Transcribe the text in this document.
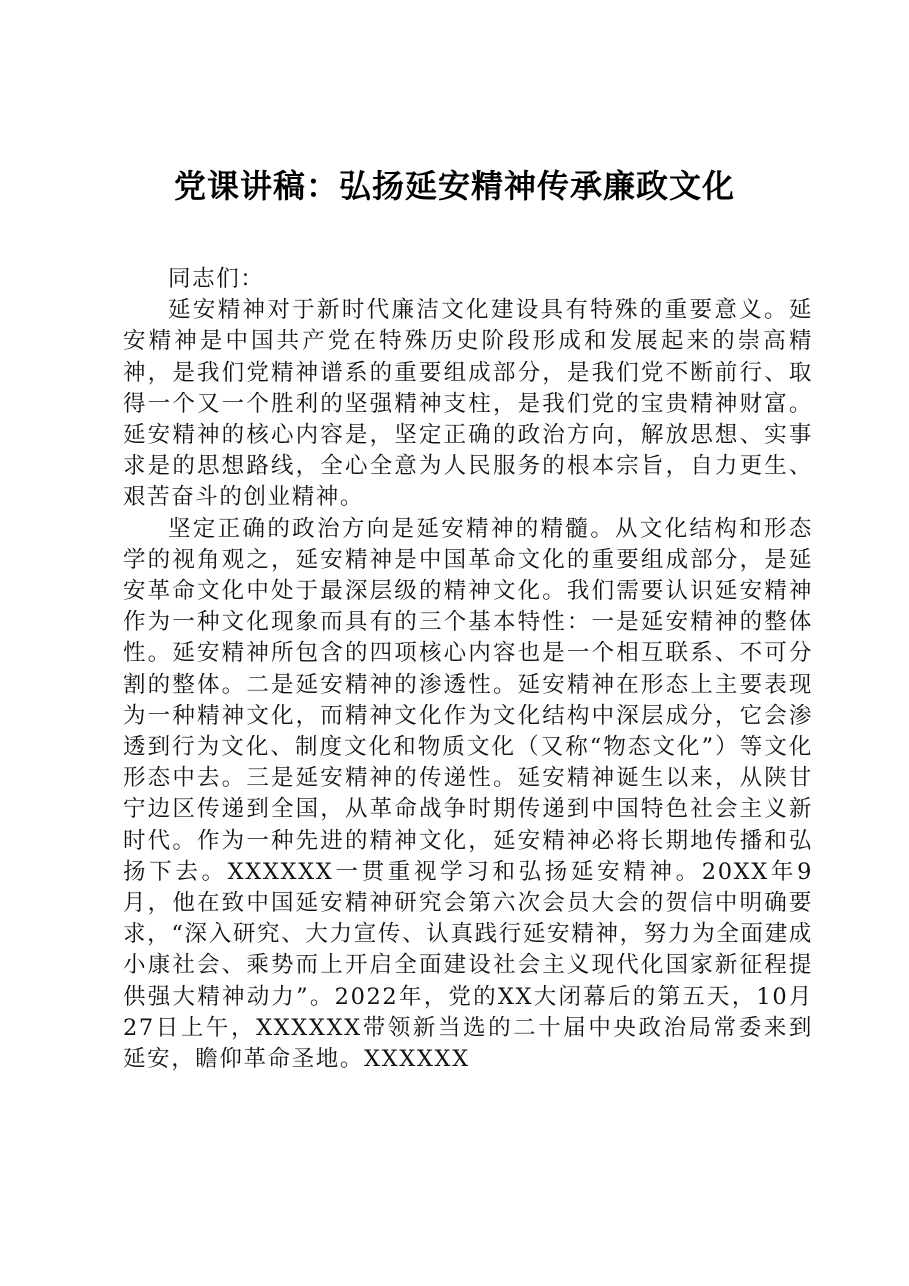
党课讲稿：弘扬延安精神传承廉政文化

同志们：

延安精神对于新时代廉洁文化建设具有特殊的重要意义。延安精神是中国共产党在特殊历史阶段形成和发展起来的崇高精神，是我们党精神谱系的重要组成部分，是我们党不断前行、取得一个又一个胜利的坚强精神支柱，是我们党的宝贵精神财富。延安精神的核心内容是，坚定正确的政治方向，解放思想、实事求是的思想路线，全心全意为人民服务的根本宗旨，自力更生、艰苦奋斗的创业精神。

坚定正确的政治方向是延安精神的精髓。从文化结构和形态学的视角观之，延安精神是中国革命文化的重要组成部分，是延安革命文化中处于最深层级的精神文化。我们需要认识延安精神作为一种文化现象而具有的三个基本特性：一是延安精神的整体性。延安精神所包含的四项核心内容也是一个相互联系、不可分割的整体。二是延安精神的渗透性。延安精神在形态上主要表现为一种精神文化，而精神文化作为文化结构中深层成分，它会渗透到行为文化、制度文化和物质文化（又称“物态文化”）等文化形态中去。三是延安精神的传递性。延安精神诞生以来，从陕甘宁边区传递到全国，从革命战争时期传递到中国特色社会主义新时代。作为一种先进的精神文化，延安精神必将长期地传播和弘扬下去。XXXXXX一贯重视学习和弘扬延安精神。20XX年9月，他在致中国延安精神研究会第六次会员大会的贺信中明确要求，“深入研究、大力宣传、认真践行延安精神，努力为全面建成小康社会、乘势而上开启全面建设社会主义现代化国家新征程提供强大精神动力”。2022年，党的XX大闭幕后的第五天，10月27日上午，XXXXXX带领新当选的二十届中央政治局常委来到延安，瞻仰革命圣地。XXXXXX
